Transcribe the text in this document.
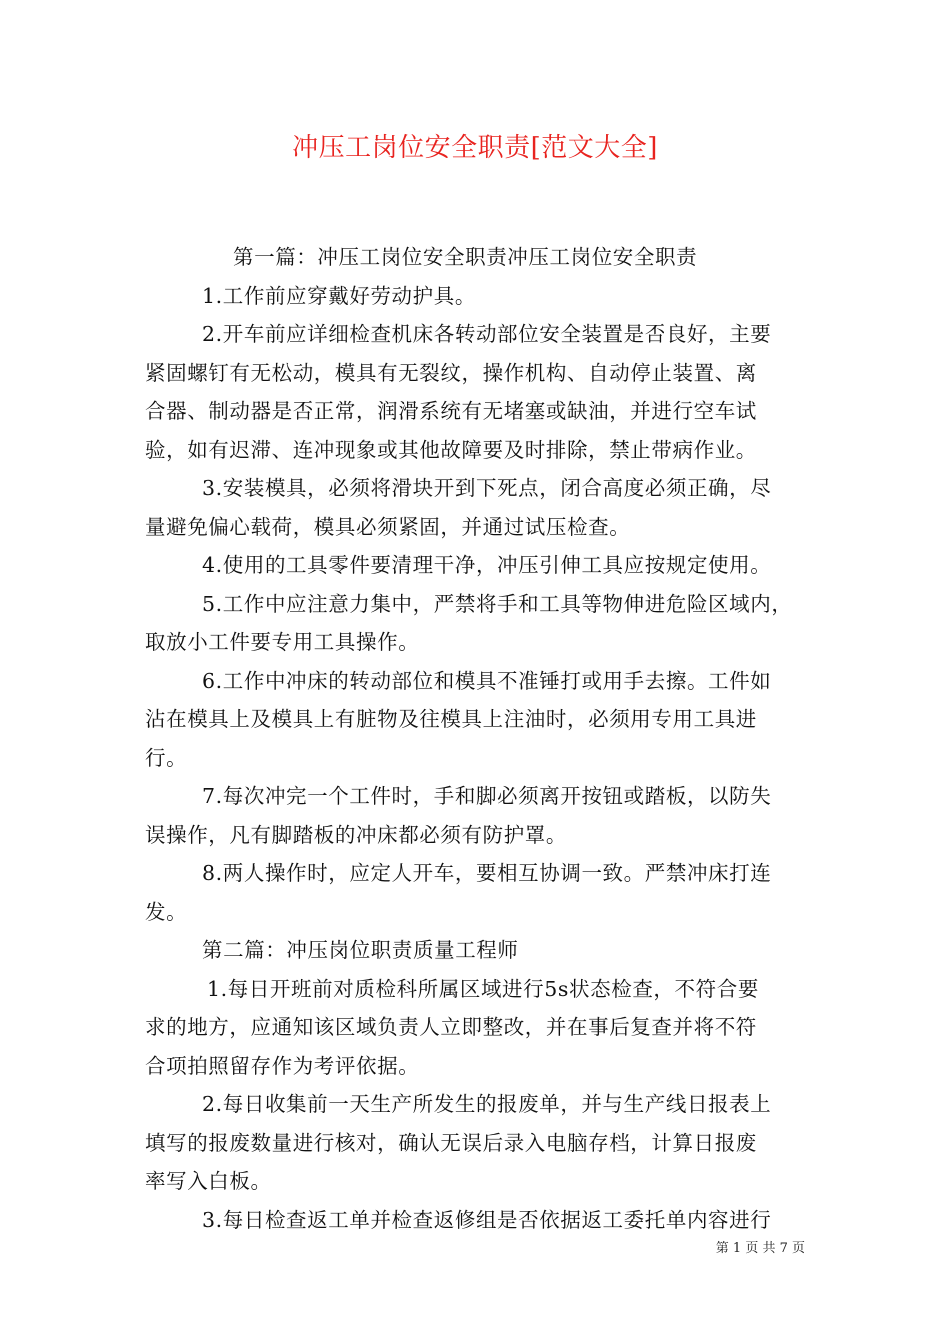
冲压工岗位安全职责[范文大全]
第一篇：冲压工岗位安全职责冲压工岗位安全职责
1.工作前应穿戴好劳动护具。
2.开车前应详细检查机床各转动部位安全装置是否良好，主要
紧固螺钉有无松动，模具有无裂纹，操作机构、自动停止装置、离
合器、制动器是否正常，润滑系统有无堵塞或缺油，并进行空车试
验，如有迟滞、连冲现象或其他故障要及时排除，禁止带病作业。
3.安装模具，必须将滑块开到下死点，闭合高度必须正确，尽
量避免偏心载荷，模具必须紧固，并通过试压检查。
4.使用的工具零件要清理干净，冲压引伸工具应按规定使用。
5.工作中应注意力集中，严禁将手和工具等物伸进危险区域内，
取放小工件要专用工具操作。
6.工作中冲床的转动部位和模具不准锤打或用手去擦。工件如
沾在模具上及模具上有脏物及往模具上注油时，必须用专用工具进
行。
7.每次冲完一个工件时，手和脚必须离开按钮或踏板，以防失
误操作，凡有脚踏板的冲床都必须有防护罩。
8.两人操作时，应定人开车，要相互协调一致。严禁冲床打连
发。
第二篇：冲压岗位职责质量工程师
1.每日开班前对质检科所属区域进行5s状态检查，不符合要
求的地方，应通知该区域负责人立即整改，并在事后复查并将不符
合项拍照留存作为考评依据。
2.每日收集前一天生产所发生的报废单，并与生产线日报表上
填写的报废数量进行核对，确认无误后录入电脑存档，计算日报废
率写入白板。
3.每日检查返工单并检查返修组是否依据返工委托单内容进行
第 1 页 共 7 页
